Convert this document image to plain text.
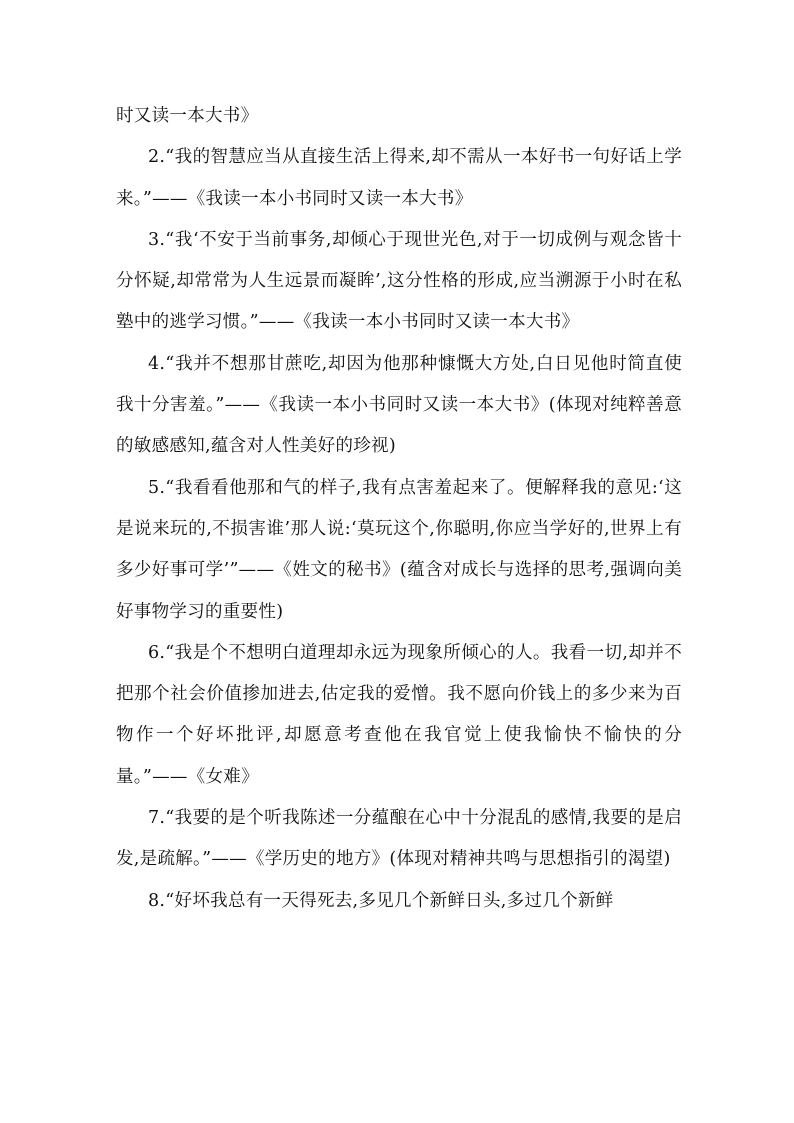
时又读一本大书》

2.“我的智慧应当从直接生活上得来,却不需从一本好书一句好话上学来。”——《我读一本小书同时又读一本大书》

3.“我‘不安于当前事务,却倾心于现世光色,对于一切成例与观念皆十分怀疑,却常常为人生远景而凝眸’,这分性格的形成,应当溯源于小时在私塾中的逃学习惯。”——《我读一本小书同时又读一本大书》

4.“我并不想那甘蔗吃,却因为他那种慷慨大方处,白日见他时简直使我十分害羞。”——《我读一本小书同时又读一本大书》(体现对纯粹善意的敏感感知,蕴含对人性美好的珍视)

5.“我看看他那和气的样子,我有点害羞起来了。便解释我的意见:‘这是说来玩的,不损害谁’那人说:‘莫玩这个,你聪明,你应当学好的,世界上有多少好事可学’”——《姓文的秘书》(蕴含对成长与选择的思考,强调向美好事物学习的重要性)

6.“我是个不想明白道理却永远为现象所倾心的人。我看一切,却并不把那个社会价值掺加进去,估定我的爱憎。我不愿向价钱上的多少来为百物作一个好坏批评,却愿意考查他在我官觉上使我愉快不愉快的分量。”——《女难》

7.“我要的是个听我陈述一分蕴酿在心中十分混乱的感情,我要的是启发,是疏解。”——《学历史的地方》(体现对精神共鸣与思想指引的渴望)

8.“好坏我总有一天得死去,多见几个新鲜日头,多过几个新鲜
